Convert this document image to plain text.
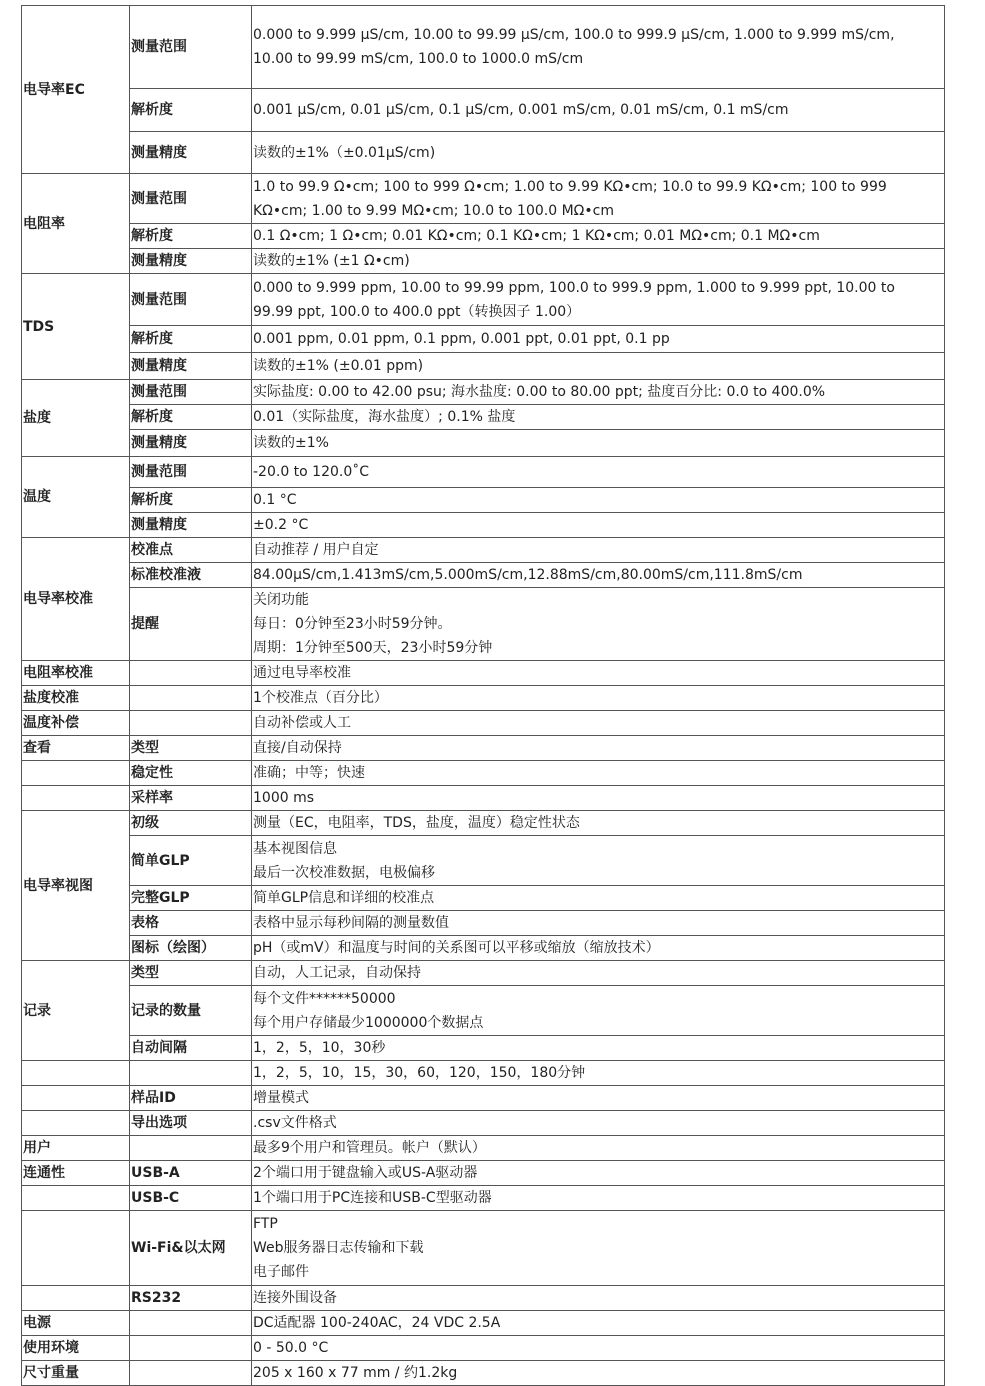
电导率EC	测量范围	0.000 to 9.999 μS/cm, 10.00 to 99.99 μS/cm, 100.0 to 999.9 μS/cm, 1.000 to 9.999 mS/cm,
10.00 to 99.99 mS/cm, 100.0 to 1000.0 mS/cm

	解析度	0.001 μS/cm, 0.01 μS/cm, 0.1 μS/cm, 0.001 mS/cm, 0.01 mS/cm, 0.1 mS/cm

	测量精度	读数的±1%（±0.01μS/cm)

电阻率	测量范围	1.0 to 99.9 Ω•cm; 100 to 999 Ω•cm; 1.00 to 9.99 KΩ•cm; 10.0 to 99.9 KΩ•cm; 100 to 999
KΩ•cm; 1.00 to 9.99 MΩ•cm; 10.0 to 100.0 MΩ•cm

	解析度	0.1 Ω•cm; 1 Ω•cm; 0.01 KΩ•cm; 0.1 KΩ•cm; 1 KΩ•cm; 0.01 MΩ•cm; 0.1 MΩ•cm

	测量精度	读数的±1% (±1 Ω•cm)

TDS	测量范围	0.000 to 9.999 ppm, 10.00 to 99.99 ppm, 100.0 to 999.9 ppm, 1.000 to 9.999 ppt, 10.00 to
99.99 ppt, 100.0 to 400.0 ppt（转换因子 1.00）

	解析度	0.001 ppm, 0.01 ppm, 0.1 ppm, 0.001 ppt, 0.01 ppt, 0.1 pp

	测量精度	读数的±1% (±0.01 ppm)

盐度	测量范围	实际盐度: 0.00 to 42.00 psu; 海水盐度: 0.00 to 80.00 ppt; 盐度百分比: 0.0 to 400.0%

	解析度	0.01（实际盐度，海水盐度）; 0.1% 盐度

	测量精度	读数的±1%

温度	测量范围	-20.0 to 120.0˚C

	解析度	0.1 °C

	测量精度	±0.2 °C

电导率校准	校准点	自动推荐 / 用户自定

	标准校准液	84.00μS/cm,1.413mS/cm,5.000mS/cm,12.88mS/cm,80.00mS/cm,111.8mS/cm

	提醒	关闭功能
每日：0分钟至23小时59分钟。
周期：1分钟至500天，23小时59分钟

电阻率校准		通过电导率校准

盐度校准		1个校准点（百分比）

温度补偿		自动补偿或人工

查看	类型	直接/自动保持

	稳定性	准确；中等；快速

	采样率	1000 ms

电导率视图	初级	测量（EC，电阻率，TDS，盐度，温度）稳定性状态

	简单GLP	基本视图信息
最后一次校准数据，电极偏移

	完整GLP	简单GLP信息和详细的校准点

	表格	表格中显示每秒间隔的测量数值

	图标（绘图）	pH（或mV）和温度与时间的关系图可以平移或缩放（缩放技术）

记录	类型	自动，人工记录，自动保持

	记录的数量	每个文件******50000
每个用户存储最少1000000个数据点

	自动间隔	1，2，5，10，30秒

		1，2，5，10，15，30，60，120，150，180分钟

	样品ID	增量模式

	导出选项	.csv文件格式

用户		最多9个用户和管理员。帐户（默认）

连通性	USB-A	2个端口用于键盘输入或US-A驱动器

	USB-C	1个端口用于PC连接和USB-C型驱动器

	Wi-Fi&以太网	FTP
Web服务器日志传输和下载
电子邮件

	RS232	连接外围设备

电源		DC适配器 100-240AC，24 VDC 2.5A

使用环境		0 - 50.0 °C

尺寸重量		205 x 160 x 77 mm / 约1.2kg
